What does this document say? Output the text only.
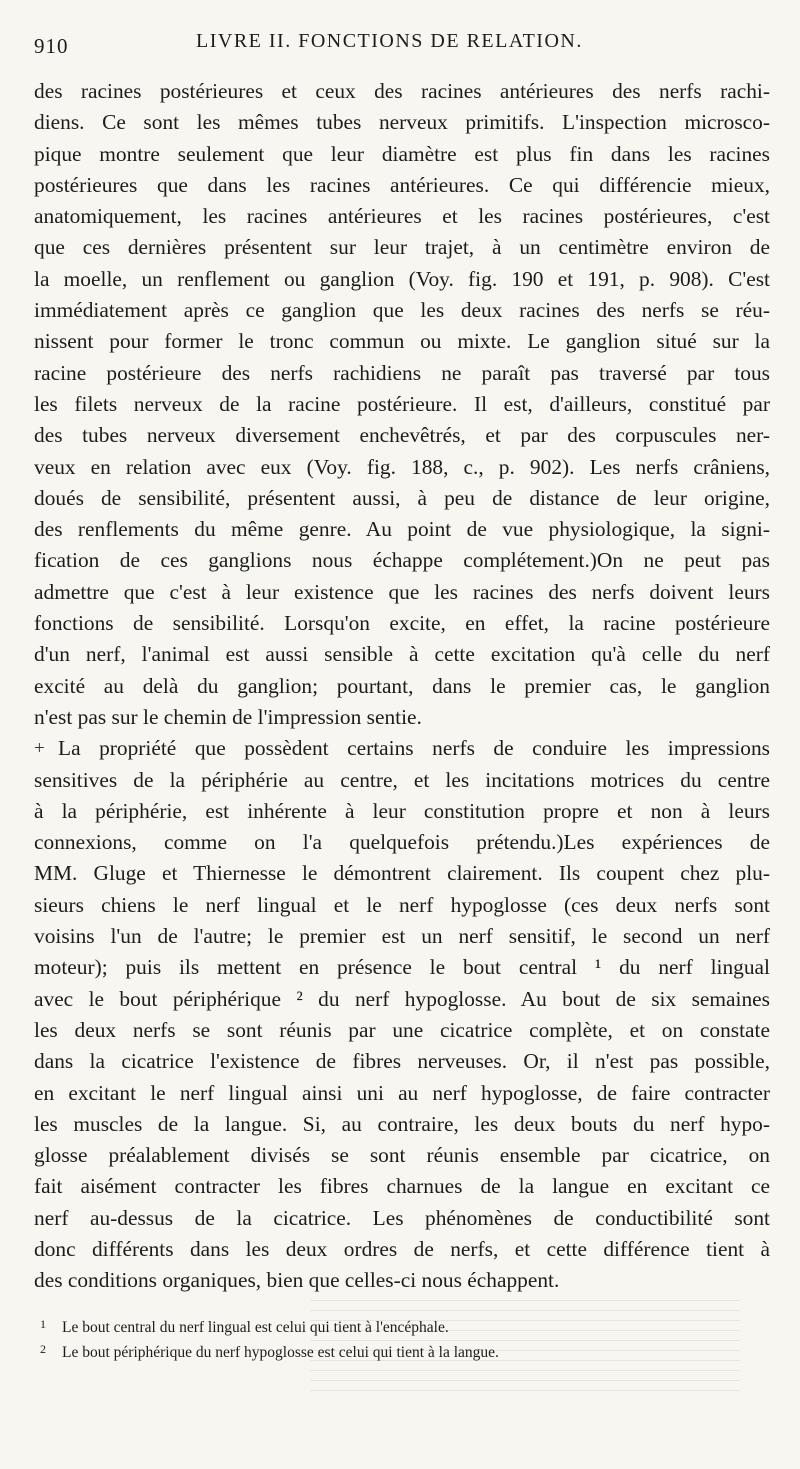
910	LIVRE II. FONCTIONS DE RELATION.
des racines postérieures et ceux des racines antérieures des nerfs rachi-
diens. Ce sont les mêmes tubes nerveux primitifs. L'inspection microsco-
pique montre seulement que leur diamètre est plus fin dans les racines
postérieures que dans les racines antérieures. Ce qui différencie mieux,
anatomiquement, les racines antérieures et les racines postérieures, c'est
que ces dernières présentent sur leur trajet, à un centimètre environ de
la moelle, un renflement ou ganglion (Voy. fig. 190 et 191, p. 908). C'est
immédiatement après ce ganglion que les deux racines des nerfs se réu-
nissent pour former le tronc commun ou mixte. Le ganglion situé sur la
racine postérieure des nerfs rachidiens ne paraît pas traversé par tous
les filets nerveux de la racine postérieure. Il est, d'ailleurs, constitué par
des tubes nerveux diversement enchevêtrés, et par des corpuscules ner-
veux en relation avec eux (Voy. fig. 188, c., p. 902). Les nerfs crâniens,
doués de sensibilité, présentent aussi, à peu de distance de leur origine,
des renflements du même genre. Au point de vue physiologique, la signi-
fication de ces ganglions nous échappe complétement.)On ne peut pas
admettre que c'est à leur existence que les racines des nerfs doivent leurs
fonctions de sensibilité. Lorsqu'on excite, en effet, la racine postérieure
d'un nerf, l'animal est aussi sensible à cette excitation qu'à celle du nerf
excité au delà du ganglion; pourtant, dans le premier cas, le ganglion
n'est pas sur le chemin de l'impression sentie.
+ La propriété que possèdent certains nerfs de conduire les impressions
sensitives de la périphérie au centre, et les incitations motrices du centre
à la périphérie, est inhérente à leur constitution propre et non à leurs
connexions, comme on l'a quelquefois prétendu.)Les expériences de
MM. Gluge et Thiernesse le démontrent clairement. Ils coupent chez plu-
sieurs chiens le nerf lingual et le nerf hypoglosse (ces deux nerfs sont
voisins l'un de l'autre; le premier est un nerf sensitif, le second un nerf
moteur); puis ils mettent en présence le bout central ¹ du nerf lingual
avec le bout périphérique ² du nerf hypoglosse. Au bout de six semaines
les deux nerfs se sont réunis par une cicatrice complète, et on constate
dans la cicatrice l'existence de fibres nerveuses. Or, il n'est pas possible,
en excitant le nerf lingual ainsi uni au nerf hypoglosse, de faire contracter
les muscles de la langue. Si, au contraire, les deux bouts du nerf hypo-
glosse préalablement divisés se sont réunis ensemble par cicatrice, on
fait aisément contracter les fibres charnues de la langue en excitant ce
nerf au-dessus de la cicatrice. Les phénomènes de conductibilité sont
donc différents dans les deux ordres de nerfs, et cette différence tient à
des conditions organiques, bien que celles-ci nous échappent.
1 Le bout central du nerf lingual est celui qui tient à l'encéphale.
2 Le bout périphérique du nerf hypoglosse est celui qui tient à la langue.
